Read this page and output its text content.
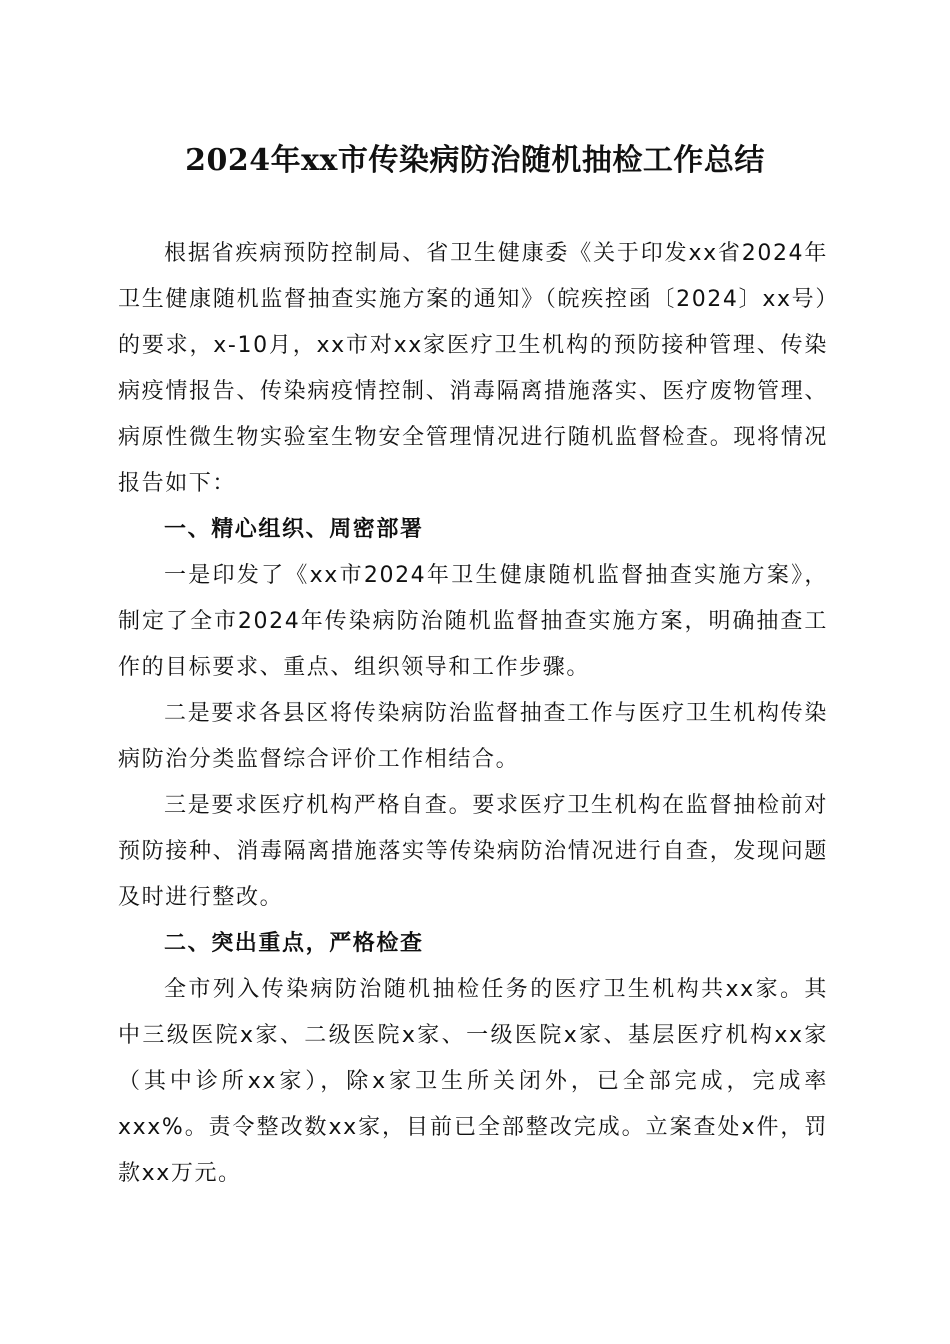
2024年xx市传染病防治随机抽检工作总结

根据省疾病预防控制局、省卫生健康委《关于印发xx省2024年卫生健康随机监督抽查实施方案的通知》（皖疾控函〔2024〕xx号）的要求，x-10月，xx市对xx家医疗卫生机构的预防接种管理、传染病疫情报告、传染病疫情控制、消毒隔离措施落实、医疗废物管理、病原性微生物实验室生物安全管理情况进行随机监督检查。现将情况报告如下：

一、精心组织、周密部署

一是印发了《xx市2024年卫生健康随机监督抽查实施方案》，制定了全市2024年传染病防治随机监督抽查实施方案，明确抽查工作的目标要求、重点、组织领导和工作步骤。

二是要求各县区将传染病防治监督抽查工作与医疗卫生机构传染病防治分类监督综合评价工作相结合。

三是要求医疗机构严格自查。要求医疗卫生机构在监督抽检前对预防接种、消毒隔离措施落实等传染病防治情况进行自查，发现问题及时进行整改。

二、突出重点，严格检查

全市列入传染病防治随机抽检任务的医疗卫生机构共xx家。其中三级医院x家、二级医院x家、一级医院x家、基层医疗机构xx家（其中诊所xx家），除x家卫生所关闭外，已全部完成，完成率xxx%。责令整改数xx家，目前已全部整改完成。立案查处x件，罚款xx万元。
